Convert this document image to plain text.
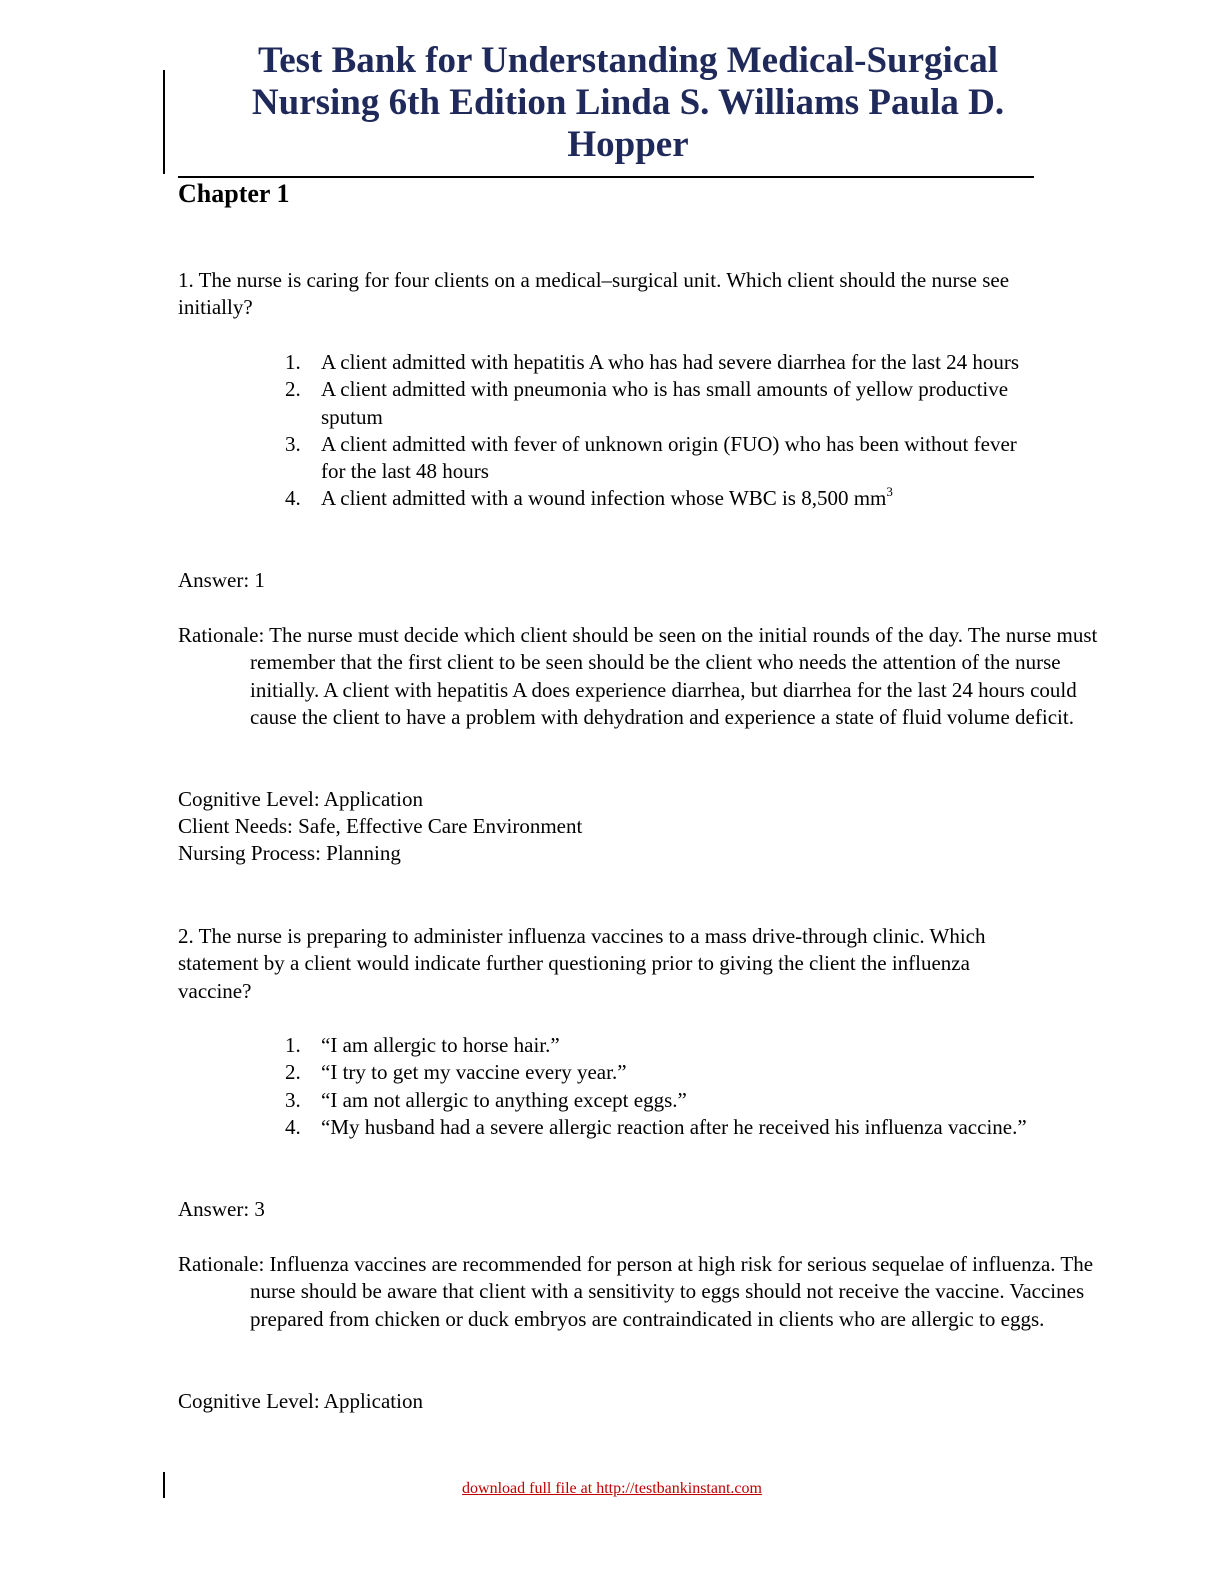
Test Bank for Understanding Medical-Surgical Nursing 6th Edition Linda S. Williams Paula D. Hopper
Chapter 1
1. The nurse is caring for four clients on a medical–surgical unit. Which client should the nurse see initially?
1. A client admitted with hepatitis A who has had severe diarrhea for the last 24 hours
2. A client admitted with pneumonia who is has small amounts of yellow productive sputum
3. A client admitted with fever of unknown origin (FUO) who has been without fever for the last 48 hours
4. A client admitted with a wound infection whose WBC is 8,500 $mm^3$
Answer: 1
Rationale: The nurse must decide which client should be seen on the initial rounds of the day. The nurse must remember that the first client to be seen should be the client who needs the attention of the nurse initially. A client with hepatitis A does experience diarrhea, but diarrhea for the last 24 hours could cause the client to have a problem with dehydration and experience a state of fluid volume deficit.
Cognitive Level: Application
Client Needs: Safe, Effective Care Environment
Nursing Process: Planning
2. The nurse is preparing to administer influenza vaccines to a mass drive-through clinic. Which statement by a client would indicate further questioning prior to giving the client the influenza vaccine?
1. “I am allergic to horse hair.”
2. “I try to get my vaccine every year.”
3. “I am not allergic to anything except eggs.”
4. “My husband had a severe allergic reaction after he received his influenza vaccine.”
Answer: 3
Rationale: Influenza vaccines are recommended for person at high risk for serious sequelae of influenza. The nurse should be aware that client with a sensitivity to eggs should not receive the vaccine. Vaccines prepared from chicken or duck embryos are contraindicated in clients who are allergic to eggs.
Cognitive Level: Application
download full file at http://testbankinstant.com
